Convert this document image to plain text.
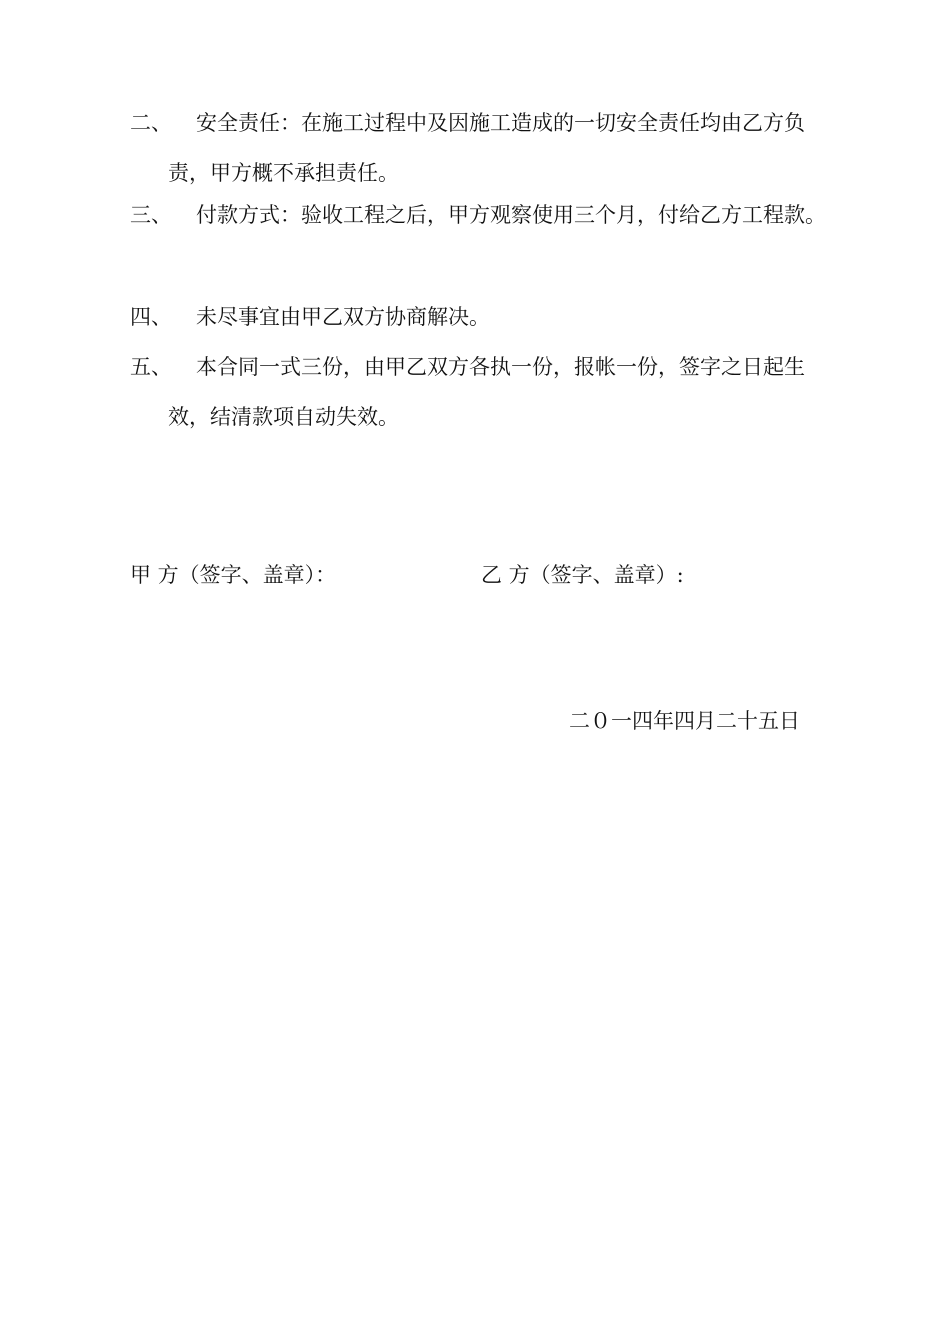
二、	安全责任：在施工过程中及因施工造成的一切安全责任均由乙方负责，甲方概不承担责任。

三、	付款方式：验收工程之后，甲方观察使用三个月，付给乙方工程款。

四、	未尽事宜由甲乙双方协商解决。

五、	本合同一式三份，由甲乙双方各执一份，报帐一份，签字之日起生效，结清款项自动失效。

甲 方（签字、盖章）：	乙 方（签字、盖章）:
二０一四年四月二十五日
